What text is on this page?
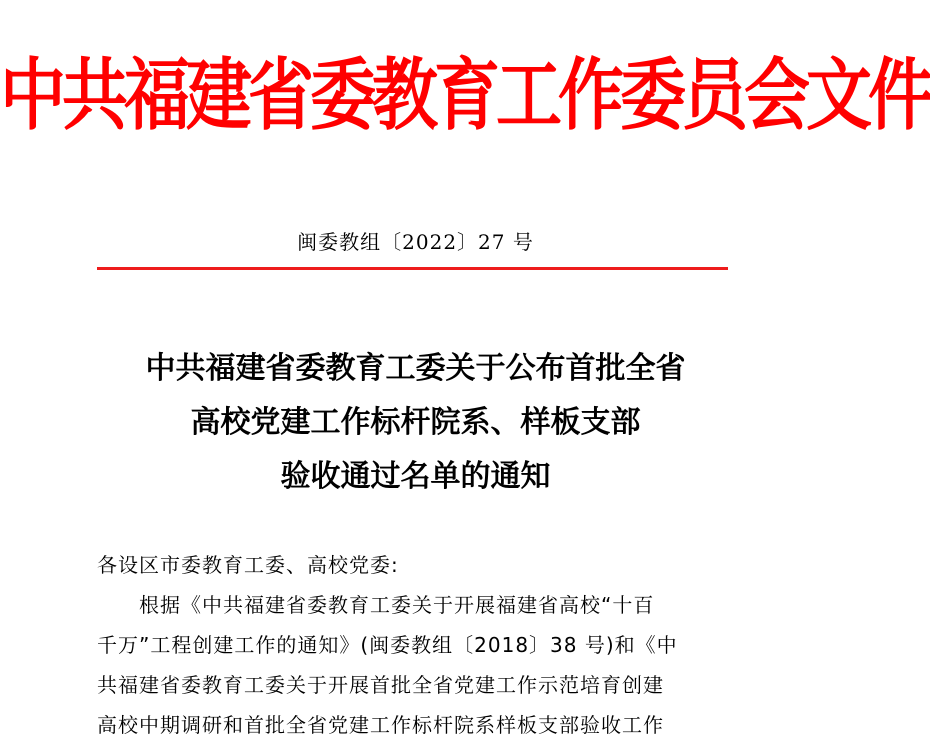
中共福建省委教育工作委员会文件
闽委教组〔2022〕27 号
中共福建省委教育工委关于公布首批全省
高校党建工作标杆院系、样板支部
验收通过名单的通知
各设区市委教育工委、高校党委:
根据《中共福建省委教育工委关于开展福建省高校“十百
千万”工程创建工作的通知》(闽委教组〔2018〕38 号)和《中
共福建省委教育工委关于开展首批全省党建工作示范培育创建
高校中期调研和首批全省党建工作标杆院系样板支部验收工作
